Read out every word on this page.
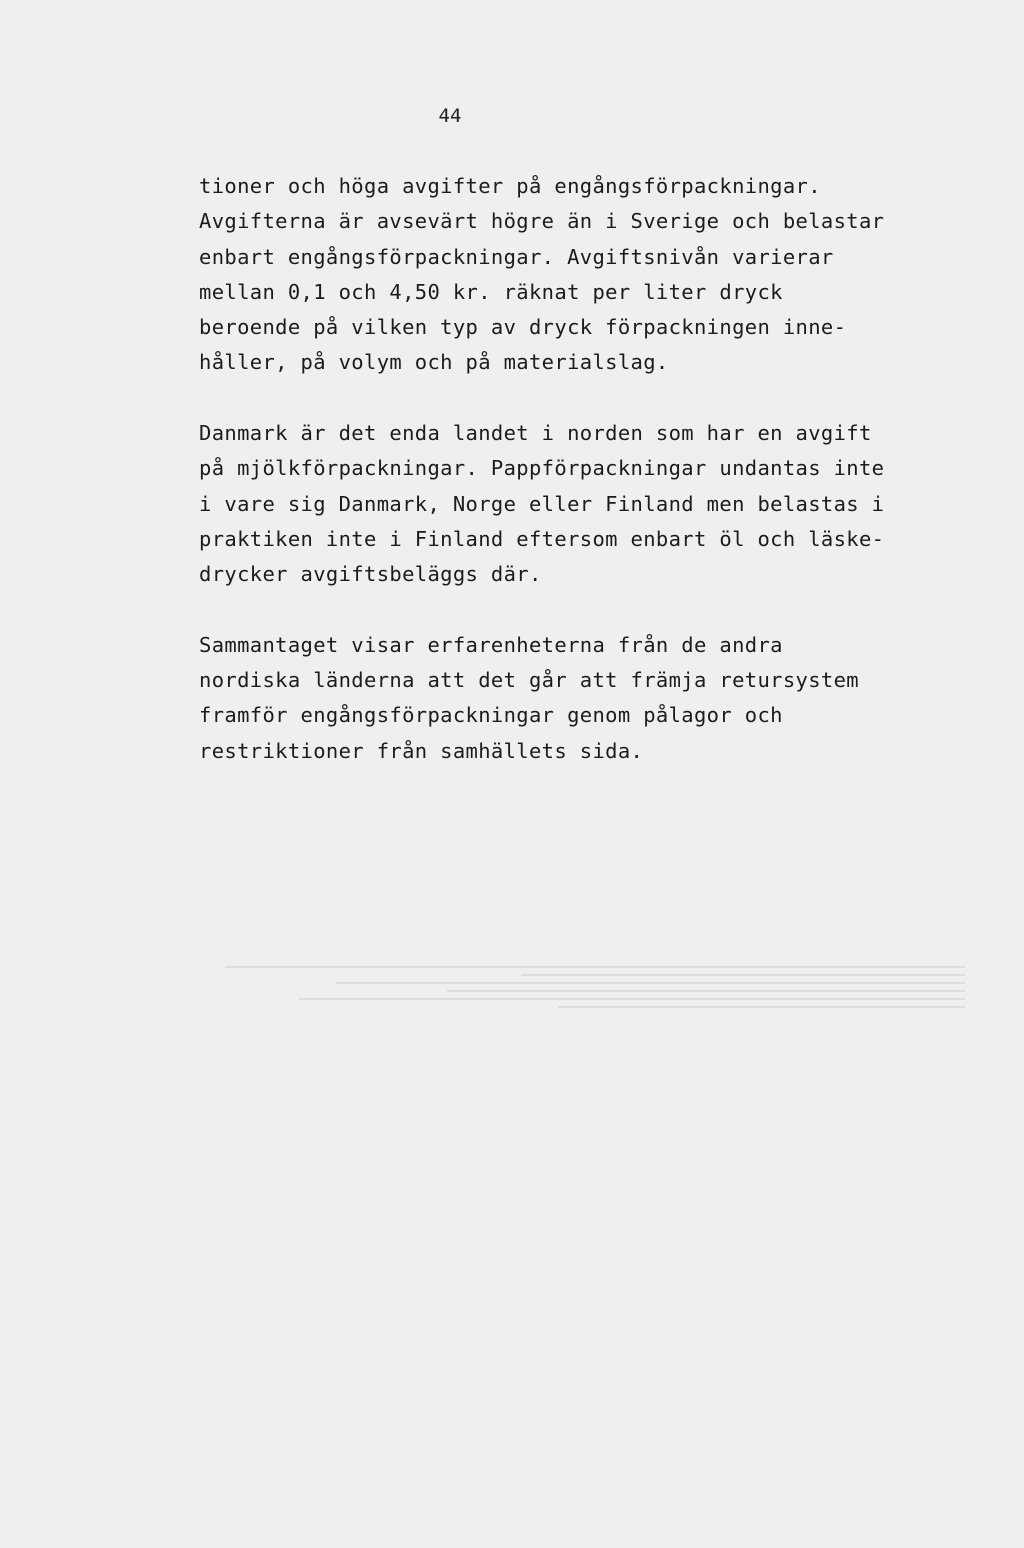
44
tioner och höga avgifter på engångsförpackningar.
Avgifterna är avsevärt högre än i Sverige och belastar
enbart engångsförpackningar. Avgiftsnivån varierar
mellan 0,1 och 4,50 kr. räknat per liter dryck
beroende på vilken typ av dryck förpackningen inne-
håller, på volym och på materialslag.
Danmark är det enda landet i norden som har en avgift
på mjölkförpackningar. Pappförpackningar undantas inte
i vare sig Danmark, Norge eller Finland men belastas i
praktiken inte i Finland eftersom enbart öl och läske-
drycker avgiftsbeläggs där.
Sammantaget visar erfarenheterna från de andra
nordiska länderna att det går att främja retursystem
framför engångsförpackningar genom pålagor och
restriktioner från samhällets sida.
